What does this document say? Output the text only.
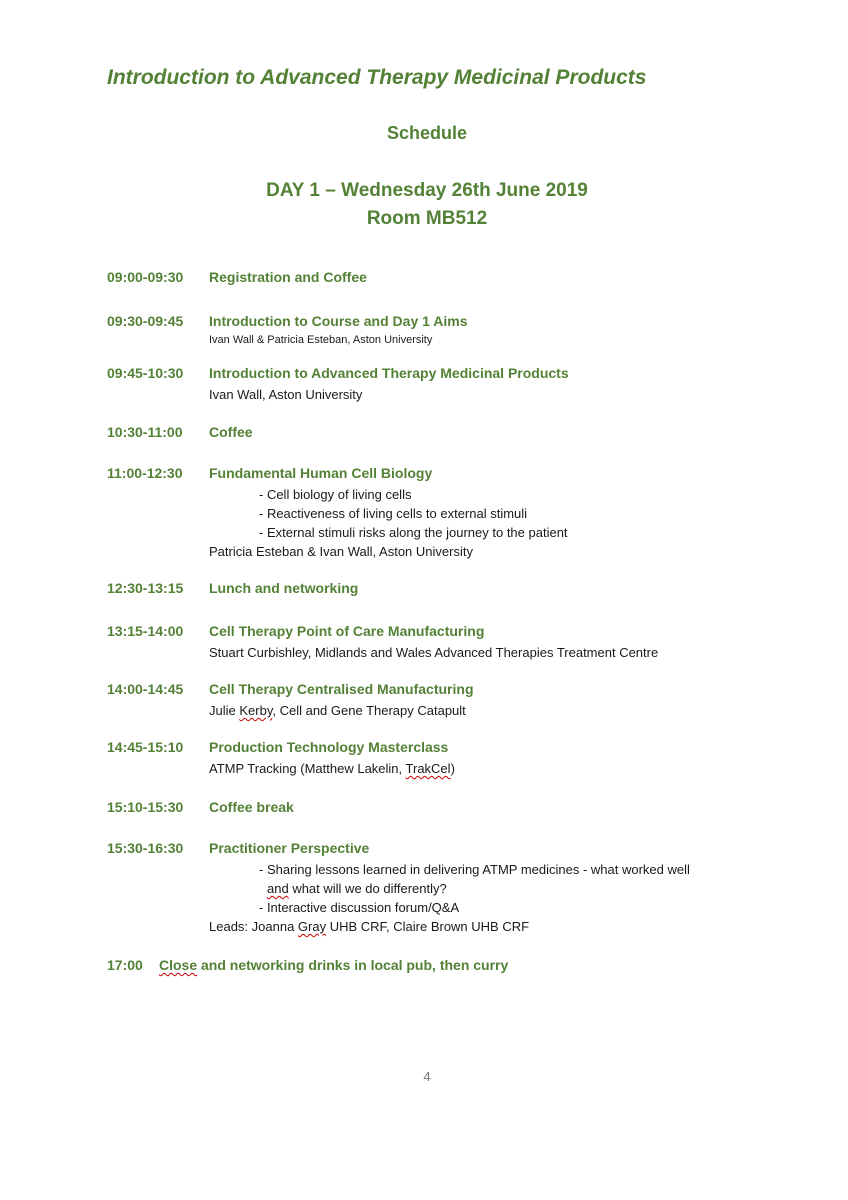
Introduction to Advanced Therapy Medicinal Products
Schedule
DAY 1 – Wednesday 26th June 2019
Room MB512
09:00-09:30	Registration and Coffee
09:30-09:45	Introduction to Course and Day 1 Aims
Ivan Wall & Patricia Esteban, Aston University
09:45-10:30	Introduction to Advanced Therapy Medicinal Products
Ivan Wall, Aston University
10:30-11:00	Coffee
11:00-12:30	Fundamental Human Cell Biology
- Cell biology of living cells
- Reactiveness of living cells to external stimuli
- External stimuli risks along the journey to the patient
Patricia Esteban & Ivan Wall, Aston University
12:30-13:15	Lunch and networking
13:15-14:00	Cell Therapy Point of Care Manufacturing
Stuart Curbishley, Midlands and Wales Advanced Therapies Treatment Centre
14:00-14:45	Cell Therapy Centralised Manufacturing
Julie Kerby, Cell and Gene Therapy Catapult
14:45-15:10	Production Technology Masterclass
ATMP Tracking (Matthew Lakelin, TrakCel)
15:10-15:30	Coffee break
15:30-16:30	Practitioner Perspective
- Sharing lessons learned in delivering ATMP medicines - what worked well
and what will we do differently?
- Interactive discussion forum/Q&A
Leads: Joanna Gray UHB CRF, Claire Brown UHB CRF
17:00 Close and networking drinks in local pub, then curry
4
